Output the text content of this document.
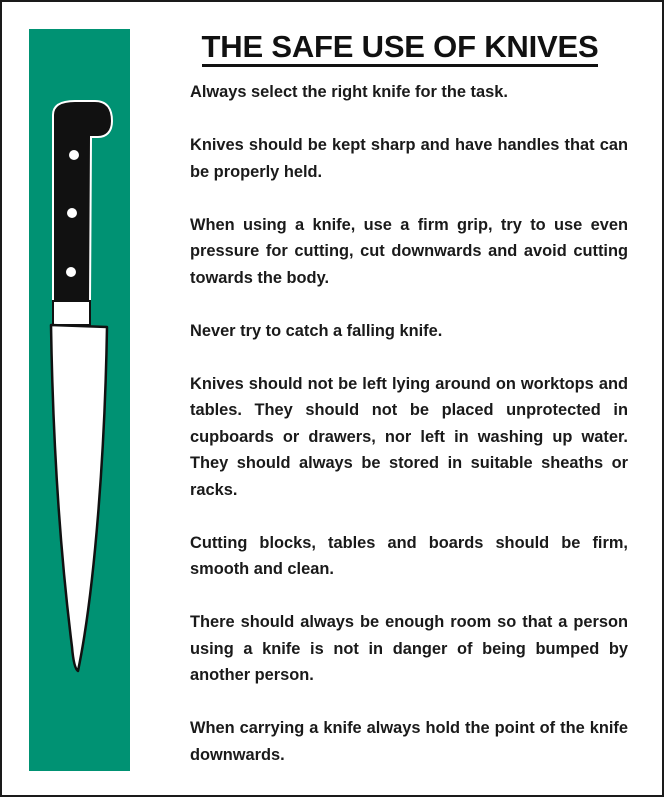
THE SAFE USE OF KNIVES
Always select the right knife for the task.
Knives should be kept sharp and have handles that can be properly held.
When using a knife, use a firm grip, try to use even pressure for cutting, cut downwards and avoid cutting towards the body.
Never try to catch a falling knife.
Knives should not be left lying around on worktops and tables. They should not be placed unprotected in cupboards or drawers, nor left in washing up water. They should always be stored in suitable sheaths or racks.
Cutting blocks, tables and boards should be firm, smooth and clean.
There should always be enough room so that a person using a knife is not in danger of being bumped by another person.
When carrying a knife always hold the point of the knife downwards.
